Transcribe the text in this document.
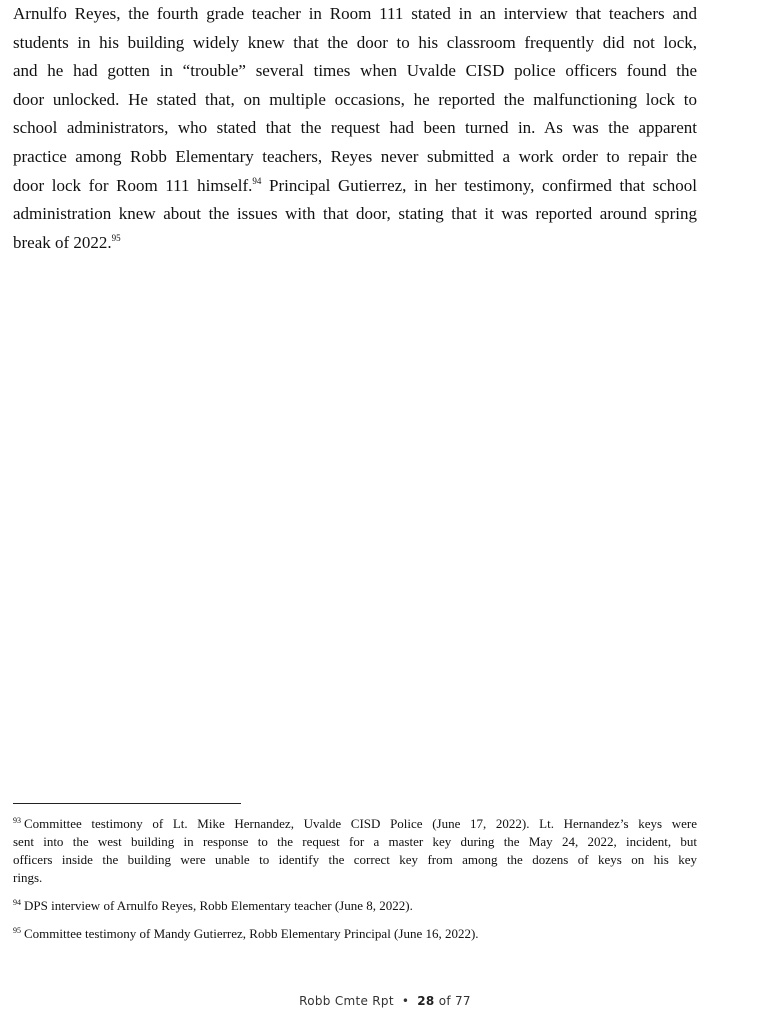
Arnulfo Reyes, the fourth grade teacher in Room 111 stated in an interview that teachers and
students in his building widely knew that the door to his classroom frequently did not lock,
and he had gotten in “trouble” several times when Uvalde CISD police officers found the
door unlocked. He stated that, on multiple occasions, he reported the malfunctioning lock to
school administrators, who stated that the request had been turned in. As was the apparent
practice among Robb Elementary teachers, Reyes never submitted a work order to repair the
door lock for Room 111 himself.$^{94}$ Principal Gutierrez, in her testimony, confirmed that school
administration knew about the issues with that door, stating that it was reported around spring
break of 2022.95

$^{93}$ Committee testimony of Lt. Mike Hernandez, Uvalde CISD Police (June 17, 2022). Lt. Hernandez’s keys were
sent into the west building in response to the request for a master key during the May 24, 2022, incident, but
officers inside the building were unable to identify the correct key from among the dozens of keys on his key
rings.
$^{94}$ DPS interview of Arnulfo Reyes, Robb Elementary teacher (June 8, 2022).
$^{95}$ Committee testimony of Mandy Gutierrez, Robb Elementary Principal (June 16, 2022).
Robb Cmte Rpt • 28 of 77
